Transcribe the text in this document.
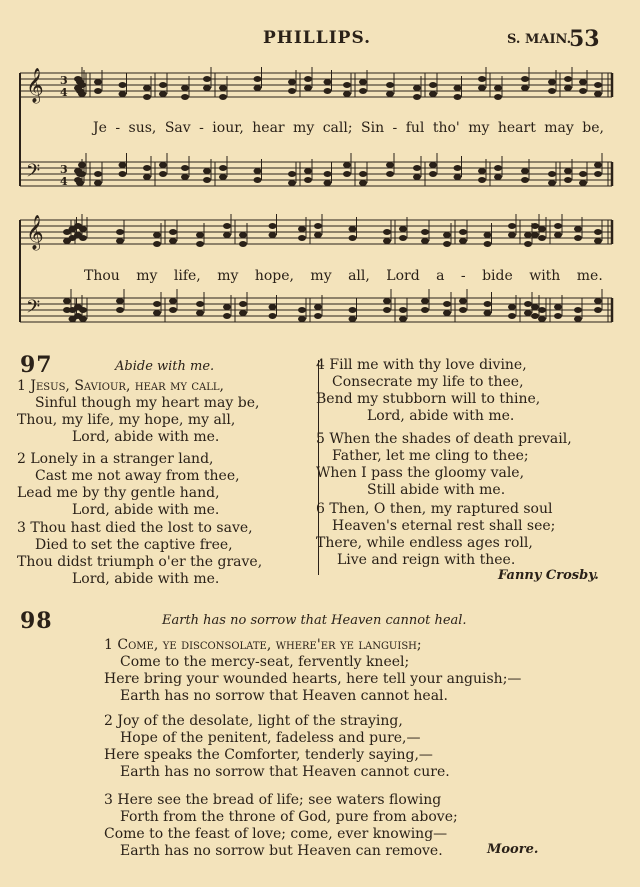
PHILLIPS.	S. MAIN.
53
𝄞
𝄢
3
4
3
4
Je - sus, Sav - iour, hear my call; Sin - ful tho' my heart may be,
𝄞
𝄢
Thou my life, my hope, my all, Lord a - bide with me.
97	Abide with me.
1 Jesus, Saviour, hear my call,
Sinful though my heart may be,
Thou, my life, my hope, my all,
Lord, abide with me.
2 Lonely in a stranger land,
Cast me not away from thee,
Lead me by thy gentle hand,
Lord, abide with me.
3 Thou hast died the lost to save,
Died to set the captive free,
Thou didst triumph o'er the grave,
Lord, abide with me.
4 Fill me with thy love divine,
Consecrate my life to thee,
Bend my stubborn will to thine,
Lord, abide with me.
5 When the shades of death prevail,
Father, let me cling to thee;
When I pass the gloomy vale,
Still abide with me.
6 Then, O then, my raptured soul
Heaven's eternal rest shall see;
There, while endless ages roll,
Live and reign with thee.
Fanny Crosby.
98	Earth has no sorrow that Heaven cannot heal.
1 Come, ye disconsolate, where'er ye languish;
Come to the mercy-seat, fervently kneel;
Here bring your wounded hearts, here tell your anguish;—
Earth has no sorrow that Heaven cannot heal.
2 Joy of the desolate, light of the straying,
Hope of the penitent, fadeless and pure,—
Here speaks the Comforter, tenderly saying,—
Earth has no sorrow that Heaven cannot cure.
3 Here see the bread of life; see waters flowing
Forth from the throne of God, pure from above;
Come to the feast of love; come, ever knowing—
Earth has no sorrow but Heaven can remove.	Moore.
